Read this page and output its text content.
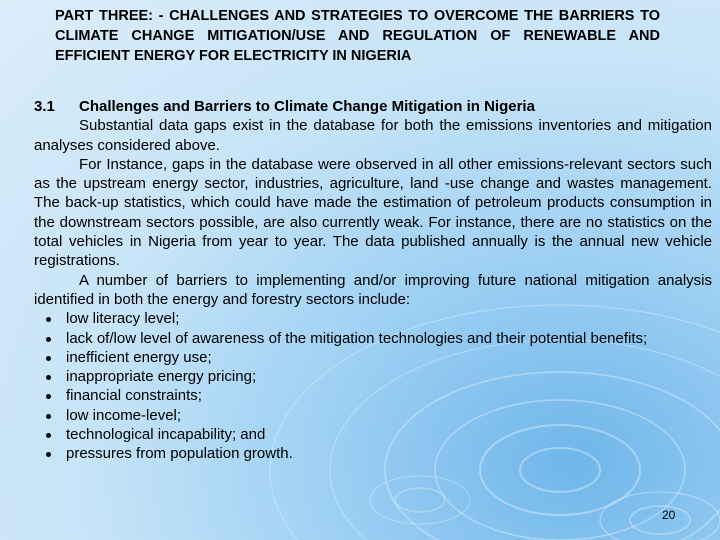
PART THREE: - CHALLENGES AND STRATEGIES TO OVERCOME THE BARRIERS TO CLIMATE CHANGE MITIGATION/USE AND REGULATION OF RENEWABLE AND EFFICIENT ENERGY FOR ELECTRICITY IN NIGERIA

3.1 Challenges and Barriers to Climate Change Mitigation in Nigeria

Substantial data gaps exist in the database for both the emissions inventories and mitigation analyses considered above.

For Instance, gaps in the database were observed in all other emissions-relevant sectors such as the upstream energy sector, industries, agriculture, land -use change and wastes management. The back-up statistics, which could have made the estimation of petroleum products consumption in the downstream sectors possible, are also currently weak. For instance, there are no statistics on the total vehicles in Nigeria from year to year. The data published annually is the annual new vehicle registrations.

A number of barriers to implementing and/or improving future national mitigation analysis identified in both the energy and forestry sectors include:

low literacy level;
lack of/low level of awareness of the mitigation technologies and their potential benefits;
inefficient energy use;
inappropriate energy pricing;
financial constraints;
low income-level;
technological incapability; and
pressures from population growth.
20
